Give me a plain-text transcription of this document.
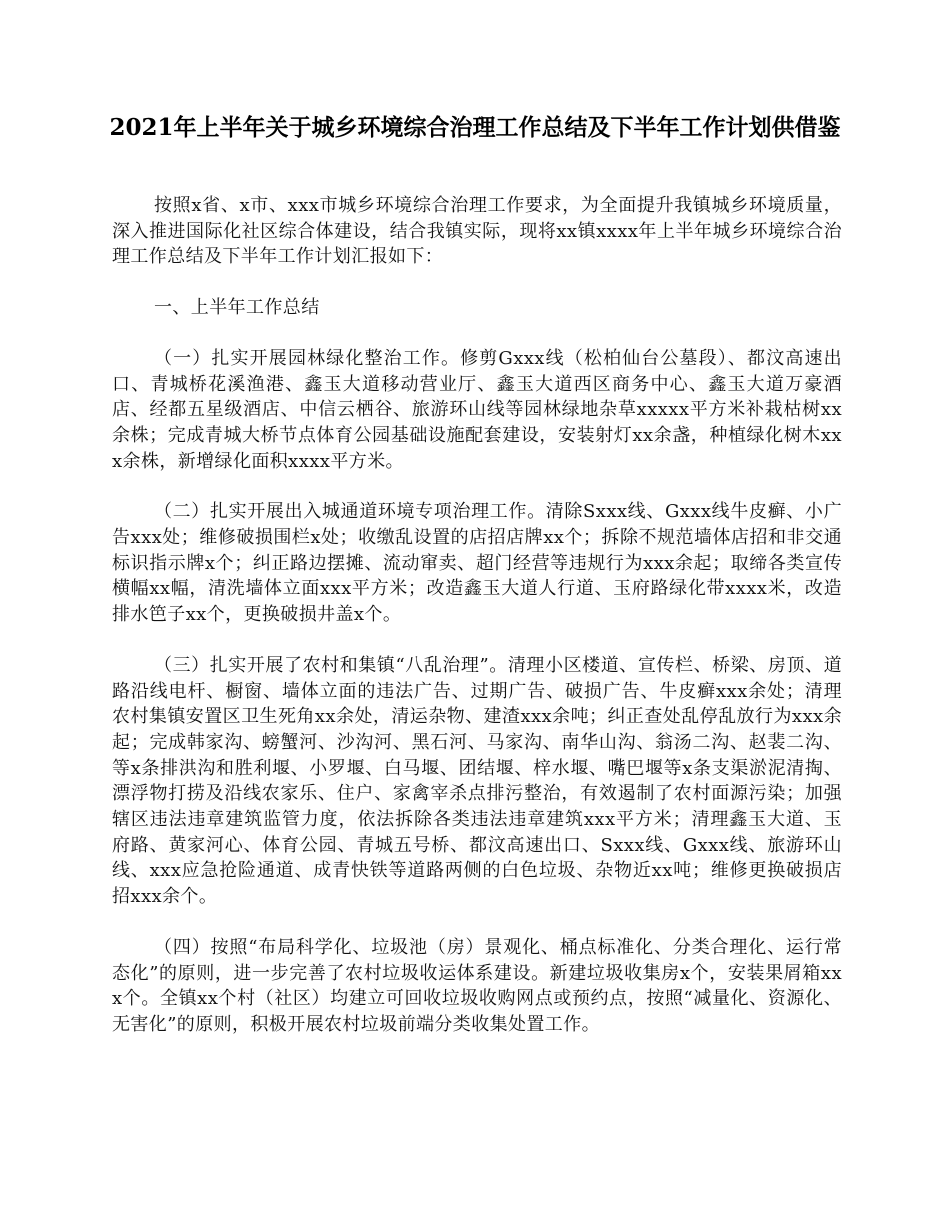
2021年上半年关于城乡环境综合治理工作总结及下半年工作计划供借鉴

按照x省、x市、xxx市城乡环境综合治理工作要求，为全面提升我镇城乡环境质量，深入推进国际化社区综合体建设，结合我镇实际，现将xx镇xxxx年上半年城乡环境综合治理工作总结及下半年工作计划汇报如下：

一、上半年工作总结

（一）扎实开展园林绿化整治工作。修剪Gxxx线（松柏仙台公墓段）、都汶高速出口、青城桥花溪渔港、鑫玉大道移动营业厅、鑫玉大道西区商务中心、鑫玉大道万豪酒店、经都五星级酒店、中信云栖谷、旅游环山线等园林绿地杂草xxxxx平方米补栽枯树xx余株；完成青城大桥节点体育公园基础设施配套建设，安装射灯xx余盏，种植绿化树木xxx余株，新增绿化面积xxxx平方米。

（二）扎实开展出入城通道环境专项治理工作。清除Sxxx线、Gxxx线牛皮癣、小广告xxx处；维修破损围栏x处；收缴乱设置的店招店牌xx个；拆除不规范墙体店招和非交通标识指示牌x个；纠正路边摆摊、流动窜卖、超门经营等违规行为xxx余起；取缔各类宣传横幅xx幅，清洗墙体立面xxx平方米；改造鑫玉大道人行道、玉府路绿化带xxxx米，改造排水笆子xx个，更换破损井盖x个。

（三）扎实开展了农村和集镇“八乱治理”。清理小区楼道、宣传栏、桥梁、房顶、道路沿线电杆、橱窗、墙体立面的违法广告、过期广告、破损广告、牛皮癣xxx余处；清理农村集镇安置区卫生死角xx余处，清运杂物、建渣xxx余吨；纠正查处乱停乱放行为xxx余起；完成韩家沟、螃蟹河、沙沟河、黑石河、马家沟、南华山沟、翁汤二沟、赵裴二沟、等x条排洪沟和胜利堰、小罗堰、白马堰、团结堰、梓水堰、嘴巴堰等x条支渠淤泥清掏、漂浮物打捞及沿线农家乐、住户、家禽宰杀点排污整治，有效遏制了农村面源污染；加强辖区违法违章建筑监管力度，依法拆除各类违法违章建筑xxx平方米；清理鑫玉大道、玉府路、黄家河心、体育公园、青城五号桥、都汶高速出口、Sxxx线、Gxxx线、旅游环山线、xxx应急抢险通道、成青快铁等道路两侧的白色垃圾、杂物近xx吨；维修更换破损店招xxx余个。

（四）按照“布局科学化、垃圾池（房）景观化、桶点标准化、分类合理化、运行常态化”的原则，进一步完善了农村垃圾收运体系建设。新建垃圾收集房x个，安装果屑箱xxx个。全镇xx个村（社区）均建立可回收垃圾收购网点或预约点，按照“减量化、资源化、无害化”的原则，积极开展农村垃圾前端分类收集处置工作。
